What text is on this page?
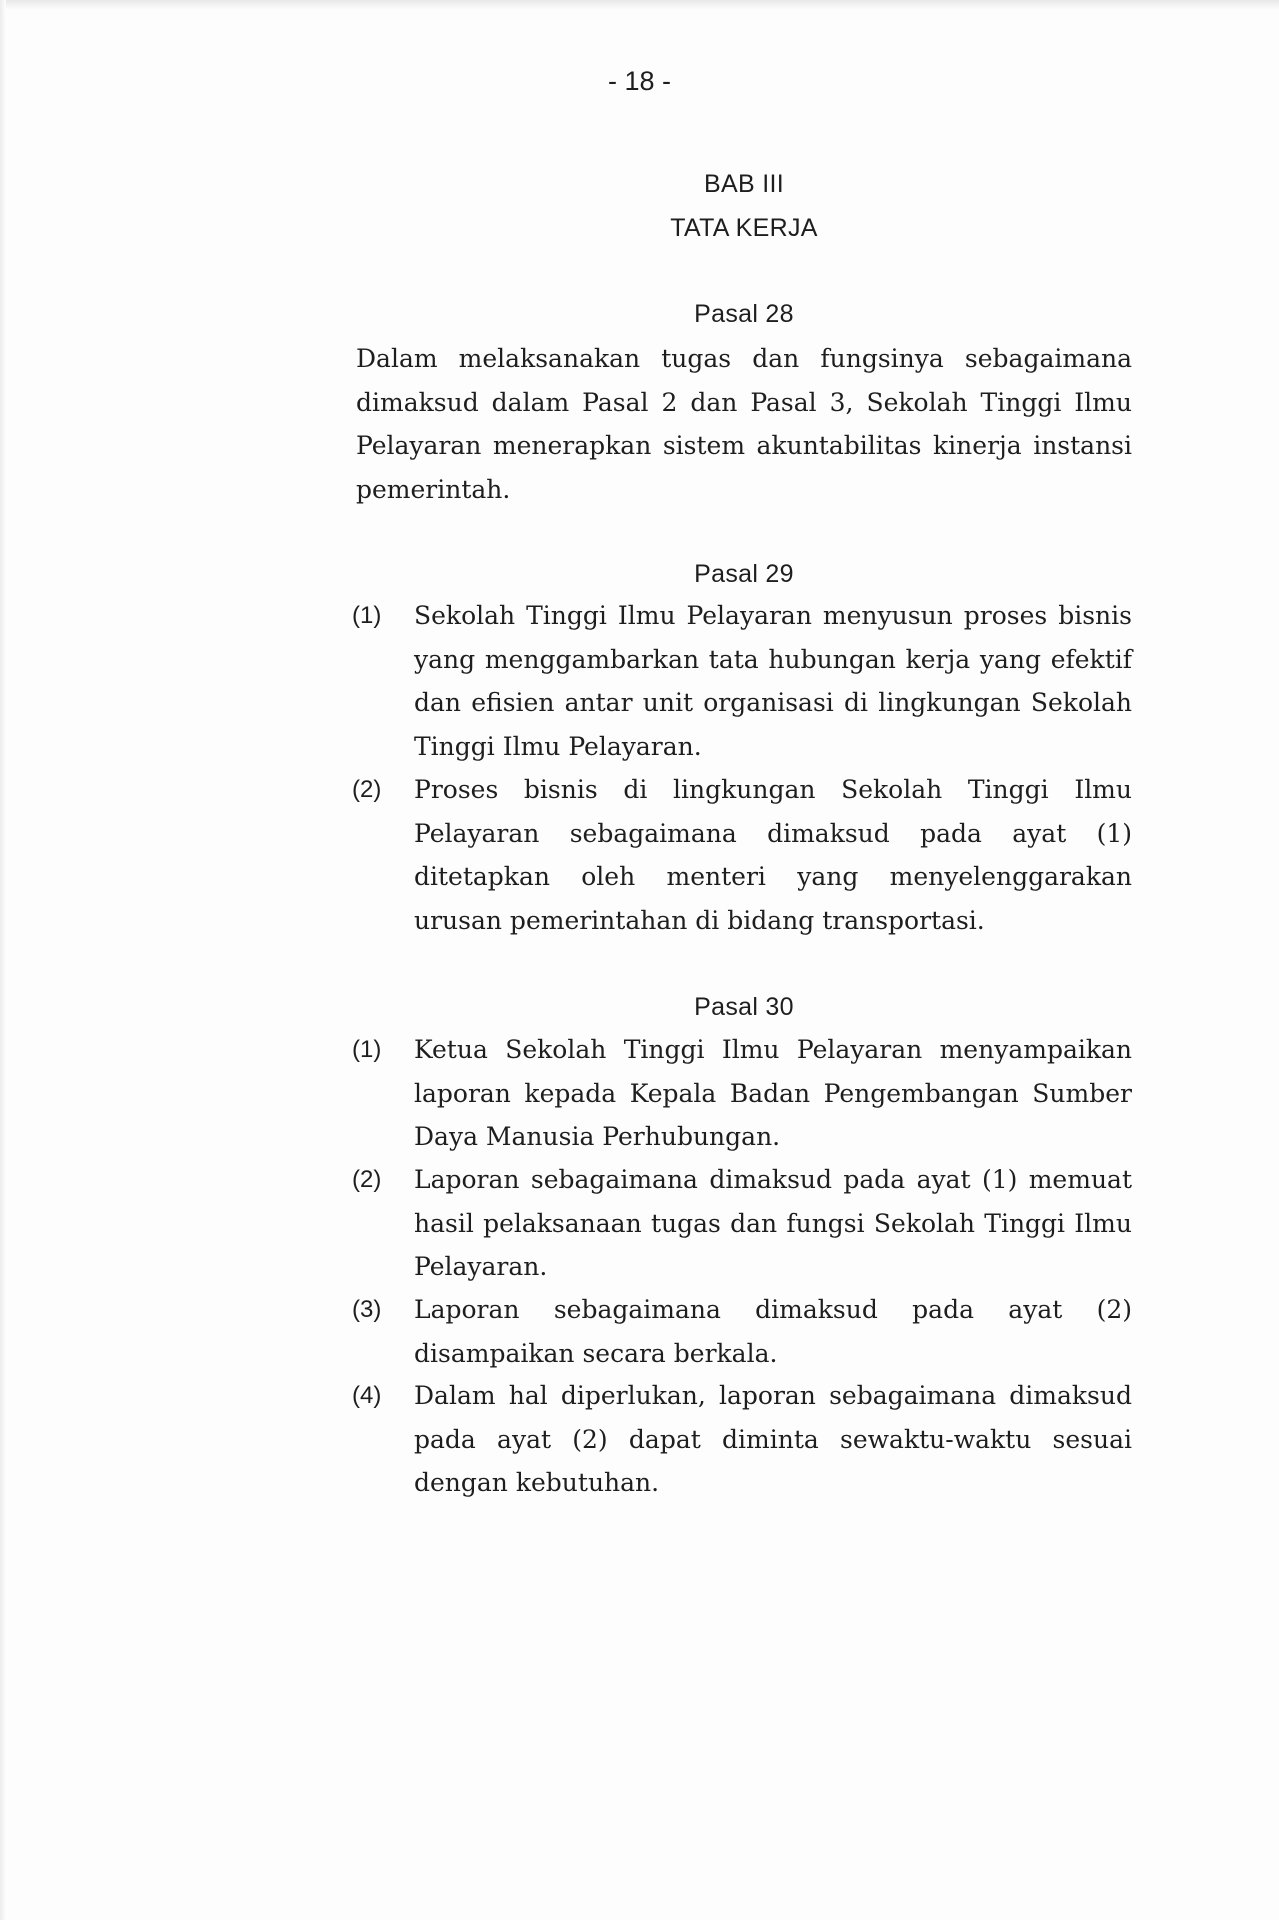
- 18 -
BAB III
TATA KERJA
Pasal 28
Dalam melaksanakan tugas dan fungsinya sebagaimana dimaksud dalam Pasal 2 dan Pasal 3, Sekolah Tinggi Ilmu Pelayaran menerapkan sistem akuntabilitas kinerja instansi pemerintah.
Pasal 29
(1) Sekolah Tinggi Ilmu Pelayaran menyusun proses bisnis yang menggambarkan tata hubungan kerja yang efektif dan efisien antar unit organisasi di lingkungan Sekolah Tinggi Ilmu Pelayaran.
(2) Proses bisnis di lingkungan Sekolah Tinggi Ilmu Pelayaran sebagaimana dimaksud pada ayat (1) ditetapkan oleh menteri yang menyelenggarakan urusan pemerintahan di bidang transportasi.
Pasal 30
(1) Ketua Sekolah Tinggi Ilmu Pelayaran menyampaikan laporan kepada Kepala Badan Pengembangan Sumber Daya Manusia Perhubungan.
(2) Laporan sebagaimana dimaksud pada ayat (1) memuat hasil pelaksanaan tugas dan fungsi Sekolah Tinggi Ilmu Pelayaran.
(3) Laporan sebagaimana dimaksud pada ayat (2) disampaikan secara berkala.
(4) Dalam hal diperlukan, laporan sebagaimana dimaksud pada ayat (2) dapat diminta sewaktu-waktu sesuai dengan kebutuhan.
